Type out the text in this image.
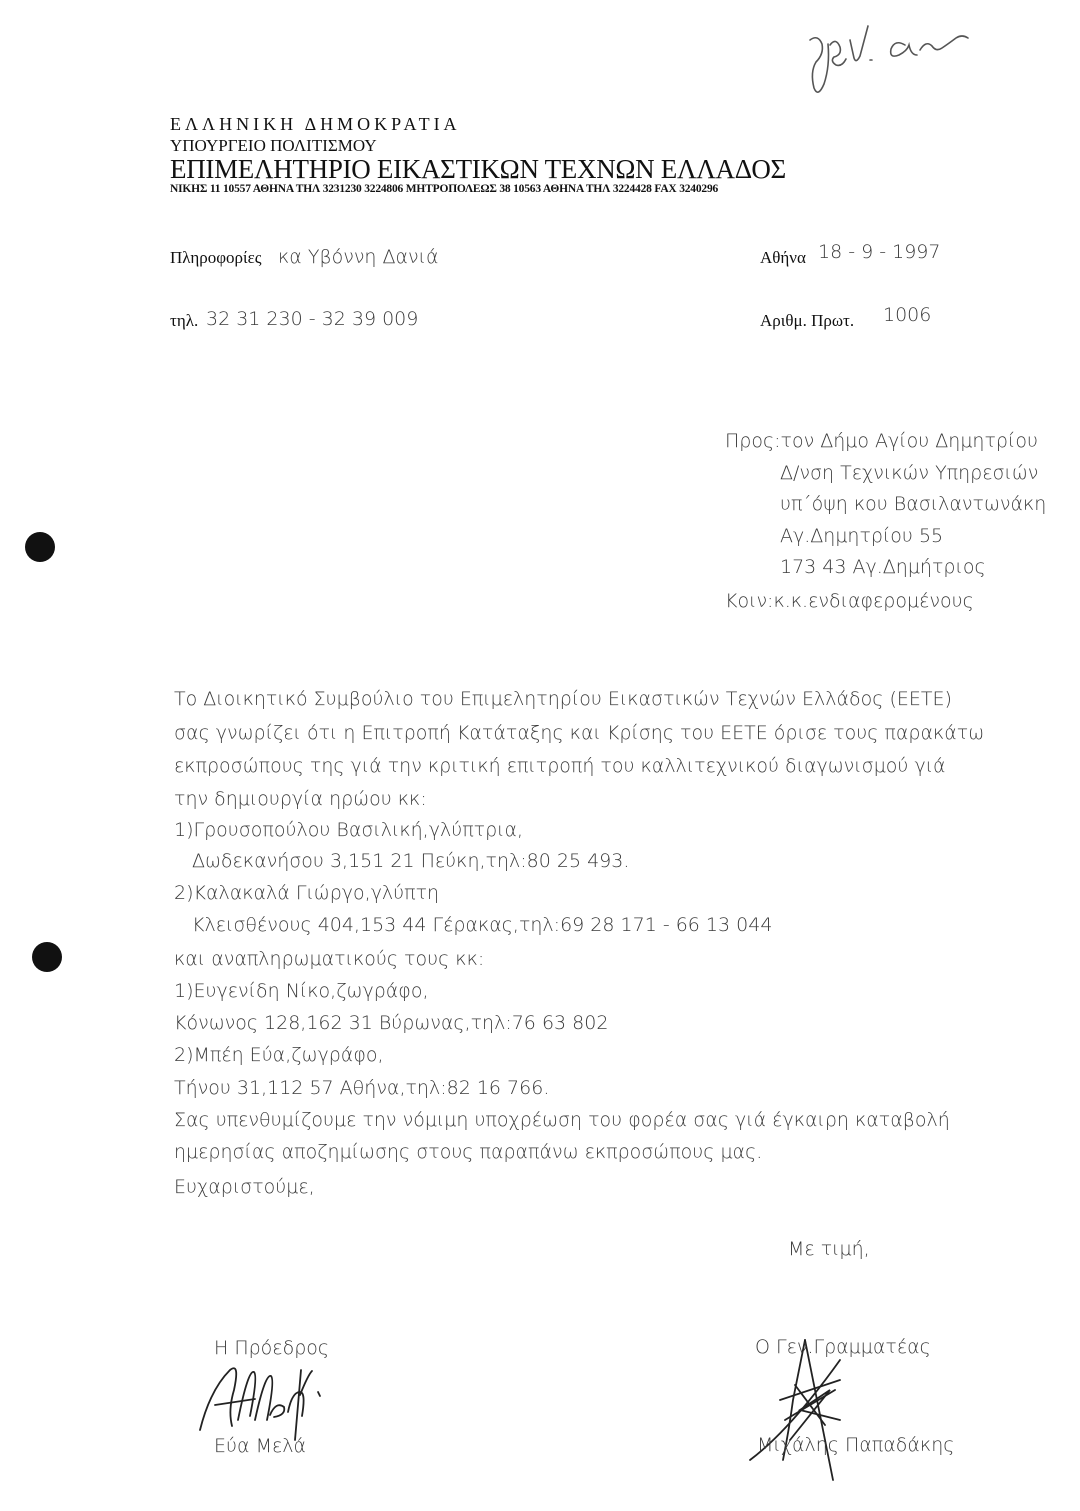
ΕΛΛΗΝΙΚΗ ΔΗΜΟΚΡΑΤΙΑ
ΥΠΟΥΡΓΕΙΟ ΠΟΛΙΤΙΣΜΟΥ
ΕΠΙΜΕΛΗΤΗΡΙΟ ΕΙΚΑΣΤΙΚΩΝ ΤΕΧΝΩΝ ΕΛΛΑΔΟΣ
ΝΙΚΗΣ 11 10557 ΑΘΗΝΑ ΤΗΛ 3231230 3224806 ΜΗΤΡΟΠΟΛΕΩΣ 38 10563 ΑΘΗΝΑ ΤΗΛ 3224428 FAX 3240296
Πληροφορίες κα Υβόννη Δανιά
τηλ. 32 31 230 - 32 39 009
Αθήνα 18 - 9 - 1997
Αριθμ. Πρωτ. 1006
Προς:τον Δήμο Αγίου Δημητρίου
Δ/νση Τεχνικών Υπηρεσιών
υπ΄όψη κου Βασιλαντωνάκη
Αγ.Δημητρίου 55
173 43 Αγ.Δημήτριος
Κοιν:κ.κ.ενδιαφερομένους
Το Διοικητικό Συμβούλιο του Επιμελητηρίου Εικαστικών Τεχνών Ελλάδος (ΕΕΤΕ)
σας γνωρίζει ότι η Επιτροπή Κατάταξης και Κρίσης του ΕΕΤΕ όρισε τους παρακάτω
εκπροσώπους της γιά την κριτική επιτροπή του καλλιτεχνικού διαγωνισμού γιά
την δημιουργία ηρώου κκ:
1)Γρουσοπούλου Βασιλική,γλύπτρια,
Δωδεκανήσου 3,151 21 Πεύκη,τηλ:80 25 493.
2)Καλακαλά Γιώργο,γλύπτη
Κλεισθένους 404,153 44 Γέρακας,τηλ:69 28 171 - 66 13 044
και αναπληρωματικούς τους κκ:
1)Ευγενίδη Νίκο,ζωγράφο,
Κόνωνος 128,162 31 Βύρωνας,τηλ:76 63 802
2)Μπέη Εύα,ζωγράφο,
Τήνου 31,112 57 Αθήνα,τηλ:82 16 766.
Σας υπενθυμίζουμε την νόμιμη υποχρέωση του φορέα σας γιά έγκαιρη καταβολή
ημερησίας αποζημίωσης στους παραπάνω εκπροσώπους μας.
Ευχαριστούμε,
Με τιμή,
Η Πρόεδρος
Εύα Μελά
Ο Γεν.Γραμματέας
Μιχάλης Παπαδάκης
